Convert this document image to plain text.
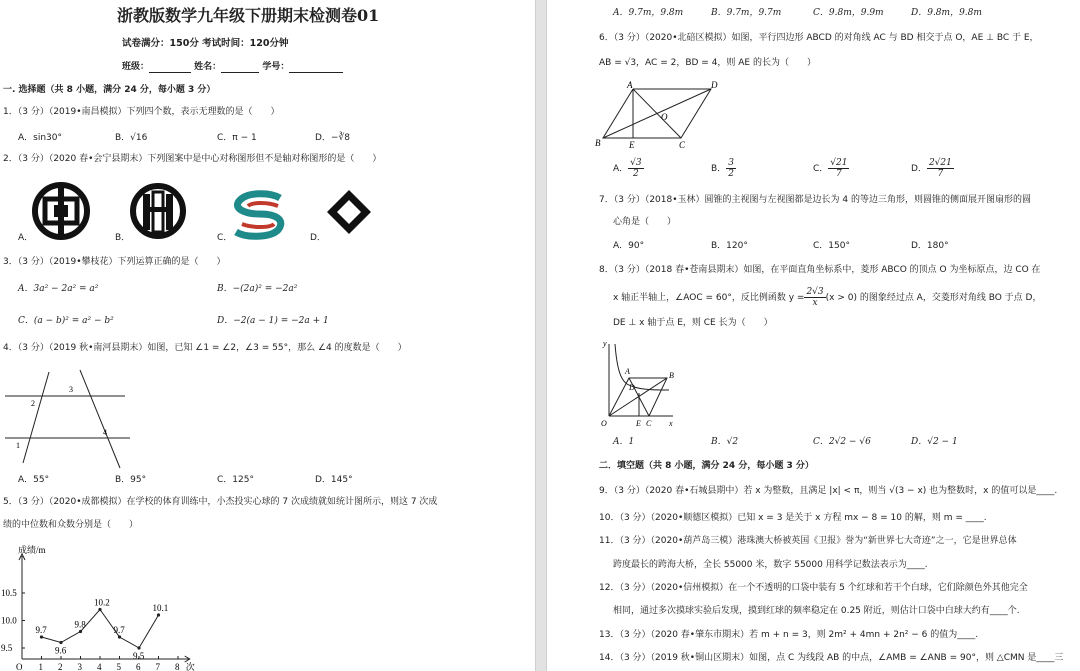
浙教版数学九年级下册期末检测卷01
试卷满分：150分 考试时间：120分钟
班级：	姓名：	学号：
一. 选择题（共 8 小题，满分 24 分，每小题 3 分）
1．（3 分）（2019•南昌模拟）下列四个数，表示无理数的是（　　）
A．sin30°	B．√16	C．π − 1	D．−∛8
2．（3 分）（2020 春•会宁县期末）下列图案中是中心对称图形但不是轴对称图形的是（　　）
A．	B．	C．	D．
3．（3 分）（2019•攀枝花）下列运算正确的是（　　）
A．3a² − 2a² = a²	B．−(2a)² = −2a²
C．(a − b)² = a² − b²	D．−2(a − 1) = −2a + 1
4．（3 分）（2019 秋•南河县期末）如图，已知 ∠1 = ∠2，∠3 = 55°，那么 ∠4 的度数是（　　）
3
2
1
4
A．55°	B．95°	C．125°	D．145°
5．（3 分）（2020•成都模拟）在学校的体育训练中，小杰投实心球的 7 次成绩就如统计图所示，则这 7 次成
绩的中位数和众数分别是（　　）
成绩/m
O 1 2 3 4 5 6 7 8 次
10.5
10.0
9.5
9.7
9.6
9.8
10.2
9.7
9.5
10.1
A．9.7m，9.8m	B．9.7m，9.7m	C．9.8m，9.9m	D．9.8m，9.8m
6．（3 分）（2020•北碚区模拟）如图，平行四边形 ABCD 的对角线 AC 与 BD 相交于点 O，AE ⊥ BC 于 E，
AB = √3，AC = 2，BD = 4，则 AE 的长为（　　）
A	D
O
B	E	C
A． $\frac{√3}{2}$	B． $\frac{3}{2}$	C． $\frac{√21}{7}$	D． $\frac{2√21}{7}$
7．（3 分）（2018•玉林）圆锥的主视图与左视图都是边长为 4 的等边三角形，则圆锥的侧面展开图扇形的圆
心角是（　　）
A．90°	B．120°	C．150°	D．180°
8．（3 分）（2018 春•苍南县期末）如图，在平面直角坐标系中，菱形 ABCO 的顶点 O 为坐标原点，边 CO 在
x 轴正半轴上，∠AOC = 60°，反比例函数 $y = \frac{2√3}{x} (x > 0)$ 的图象经过点 A，交菱形对角线 BO 于点 D，
DE ⊥ x 轴于点 E，则 CE 长为（　　）
y
A	B
D
O	E C x
A．1	B．√2	C．2√2 − √6	D．√2 − 1
二．填空题（共 8 小题，满分 24 分，每小题 3 分）
9．（3 分）（2020 春•石城县期中）若 x 为整数，且满足 |x| < π，则当 √(3 − x) 也为整数时，x 的值可以是____.
10．（3 分）（2020•顺德区模拟）已知 x = 3 是关于 x 方程 mx − 8 = 10 的解，则 m = ____.
11．（3 分）（2020•葫芦岛三模）港珠澳大桥被英国《卫报》誉为“新世界七大奇迹”之一，它是世界总体
跨度最长的跨海大桥，全长 55000 米，数字 55000 用科学记数法表示为____.
12．（3 分）（2020•信州模拟）在一个不透明的口袋中装有 5 个红球和若干个白球，它们除颜色外其他完全
相同，通过多次摸球实验后发现，摸到红球的频率稳定在 0.25 附近，则估计口袋中白球大约有____个.
13．（3 分）（2020 春•肇东市期末）若 m + n = 3，则 2m² + 4mn + 2n² − 6 的值为____.
14．（3 分）（2019 秋•铜山区期末）如图，点 C 为线段 AB 的中点，∠AMB = ∠ANB = 90°，则 △CMN 是____三
